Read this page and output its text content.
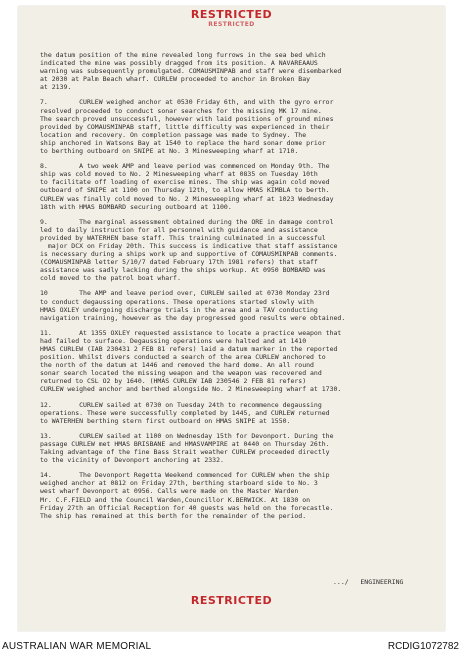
RESTRICTED
RESTRICTED
the datum position of the mine revealed long furrows in the sea bed which
indicated the mine was possibly dragged from its position. A NAVAREAAUS
warning was subsequently promulgated. COMAUSMINPAB and staff were disembarked
at 2030 at Palm Beach wharf. CURLEW proceeded to anchor in Broken Bay
at 2139.
7.        CURLEW weighed anchor at 0530 Friday 6th, and with the gyro error
resolved proceeded to conduct sonar searches for the missing MK 17 mine.
The search proved unsuccessful, however with laid positions of ground mines
provided by COMAUSMINPAB staff, little difficulty was experienced in their
location and recovery. On completion passage was made to Sydney. The
ship anchored in Watsons Bay at 1540 to replace the hard sonar dome prior
to berthing outboard on SNIPE at No. 3 Minesweeping wharf at 1710.
8.        A two week AMP and leave period was commenced on Monday 9th. The
ship was cold moved to No. 2 Minesweeping wharf at 0835 on Tuesday 10th
to facilitate off loading of exercise mines. The ship was again cold moved
outboard of SNIPE at 1100 on Thursday 12th, to allow HMAS KIMBLA to berth.
CURLEW was finally cold moved to No. 2 Minesweeping wharf at 1023 Wednesday
18th with HMAS BOMBARD securing outboard at 1100.
9.        The marginal assessment obtained during the ORE in damage control
led to daily instruction for all personnel with guidance and assistance
provided by WATERHEN base staff. This training culminated in a successful
major DCX on Friday 20th. This success is indicative that staff assistance
is necessary during a ships work up and supportive of COMAUSMINPAB comments.
(COMAUSMINPAB letter 5/10/7 dated February 17th 1981 refers) that staff
assistance was sadly lacking during the ships workup. At 0950 BOMBARD was
cold moved to the patrol boat wharf.
10        The AMP and leave period over, CURLEW sailed at 0730 Monday 23rd
to conduct degaussing operations. These operations started slowly with
HMAS OXLEY undergoing discharge trials in the area and a TAV conducting
navigation training, however as the day progressed good results were obtained.
11.       At 1355 OXLEY requested assistance to locate a practice weapon that
had failed to surface. Degaussing operations were halted and at 1410
HMAS CURLEW (IAB 230431 2 FEB 81 refers) laid a datum marker in the reported
position. Whilst divers conducted a search of the area CURLEW anchored to
the north of the datum at 1446 and removed the hard dome. An all round
sonar search located the missing weapon and the weapon was recovered and
returned to CSL O2 by 1640. (HMAS CURLEW IAB 230546 2 FEB 81 refers)
CURLEW weighed anchor and berthed alongside No. 2 Minesweeping wharf at 1730.
12.       CURLEW sailed at 0730 on Tuesday 24th to recommence degaussing
operations. These were successfully completed by 1445, and CURLEW returned
to WATERHEN berthing stern first outboard on HMAS SNIPE at 1550.
13.       CURLEW sailed at 1100 on Wednesday 15th for Devonport. During the
passage CURLEW met HMAS BRISBANE and HMASVAMPIRE at 0440 on Thursday 26th.
Taking advantage of the fine Bass Strait weather CURLEW proceeded directly
to the vicinity of Devonport anchoring at 2332.
14.       The Devonport Regetta Weekend commenced for CURLEW when the ship
weighed anchor at 0812 on Friday 27th, berthing starboard side to No. 3
west wharf Devonport at 0956. Calls were made on the Master Warden
Mr. C.F.FIELD and the Council Warden,Councillor K.BERWICK. At 1830 on
Friday 27th an Official Reception for 40 guests was held on the forecastle.
The ship has remained at this berth for the remainder of the period.
.../   ENGINEERING
RESTRICTED
AUSTRALIAN WAR MEMORIAL	RCDIG1072782
